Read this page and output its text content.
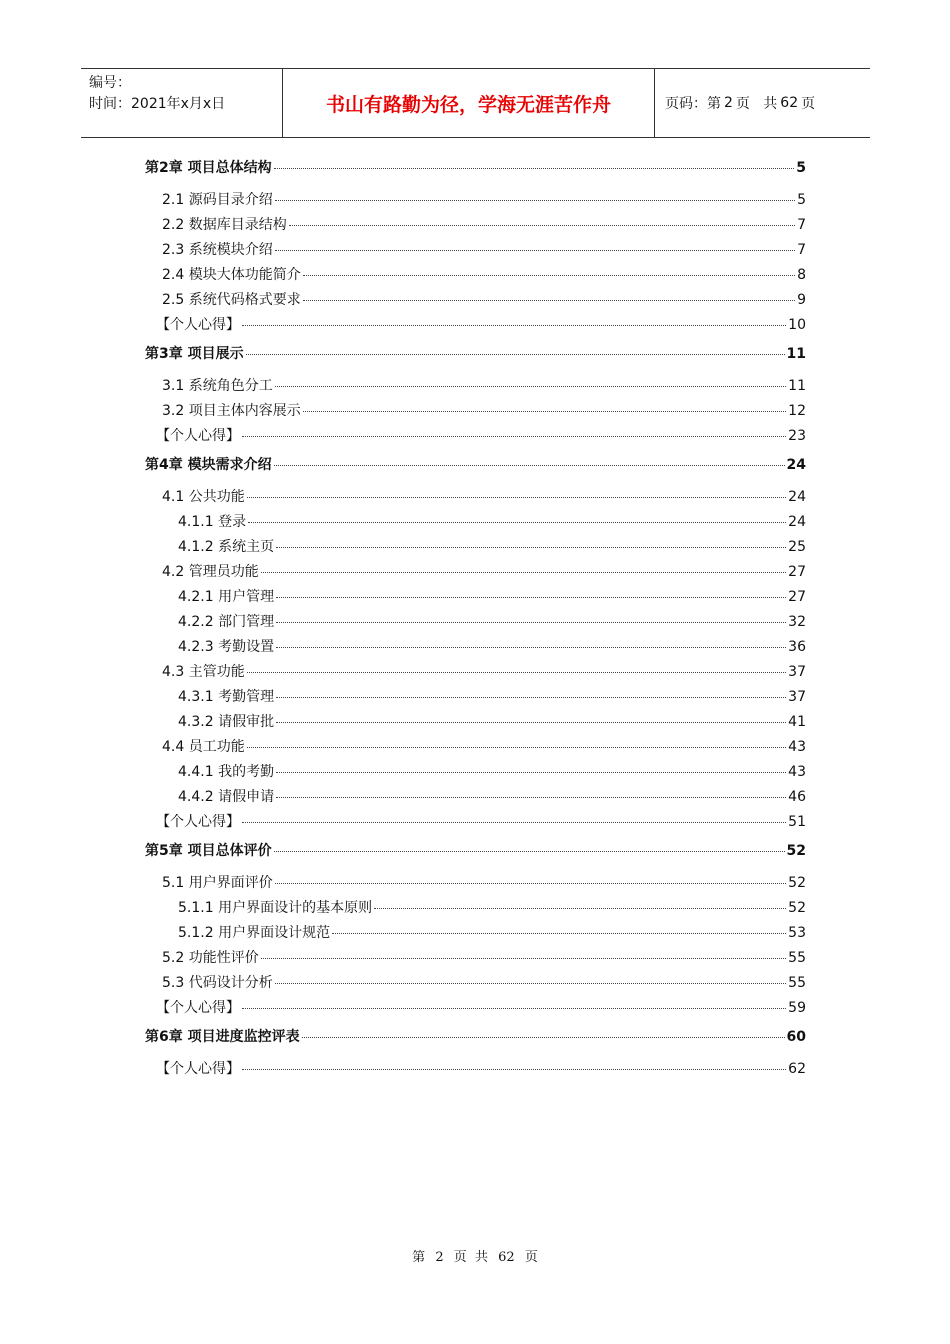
编号：
时间：2021年x月x日	书山有路勤为径，学海无涯苦作舟	页码：第 2 页   共 62 页
第2章 项目总体结构	5
2.1 源码目录介绍	5
2.2 数据库目录结构	7
2.3 系统模块介绍	7
2.4 模块大体功能简介	8
2.5 系统代码格式要求	9
【个人心得】	10
第3章 项目展示	11
3.1 系统角色分工	11
3.2 项目主体内容展示	12
【个人心得】	23
第4章 模块需求介绍	24
4.1 公共功能	24
4.1.1 登录	24
4.1.2 系统主页	25
4.2 管理员功能	27
4.2.1 用户管理	27
4.2.2 部门管理	32
4.2.3 考勤设置	36
4.3 主管功能	37
4.3.1 考勤管理	37
4.3.2 请假审批	41
4.4 员工功能	43
4.4.1 我的考勤	43
4.4.2 请假申请	46
【个人心得】	51
第5章 项目总体评价	52
5.1 用户界面评价	52
5.1.1 用户界面设计的基本原则	52
5.1.2 用户界面设计规范	53
5.2 功能性评价	55
5.3 代码设计分析	55
【个人心得】	59
第6章 项目进度监控评表	60
【个人心得】	62
第 2 页  共 62 页
